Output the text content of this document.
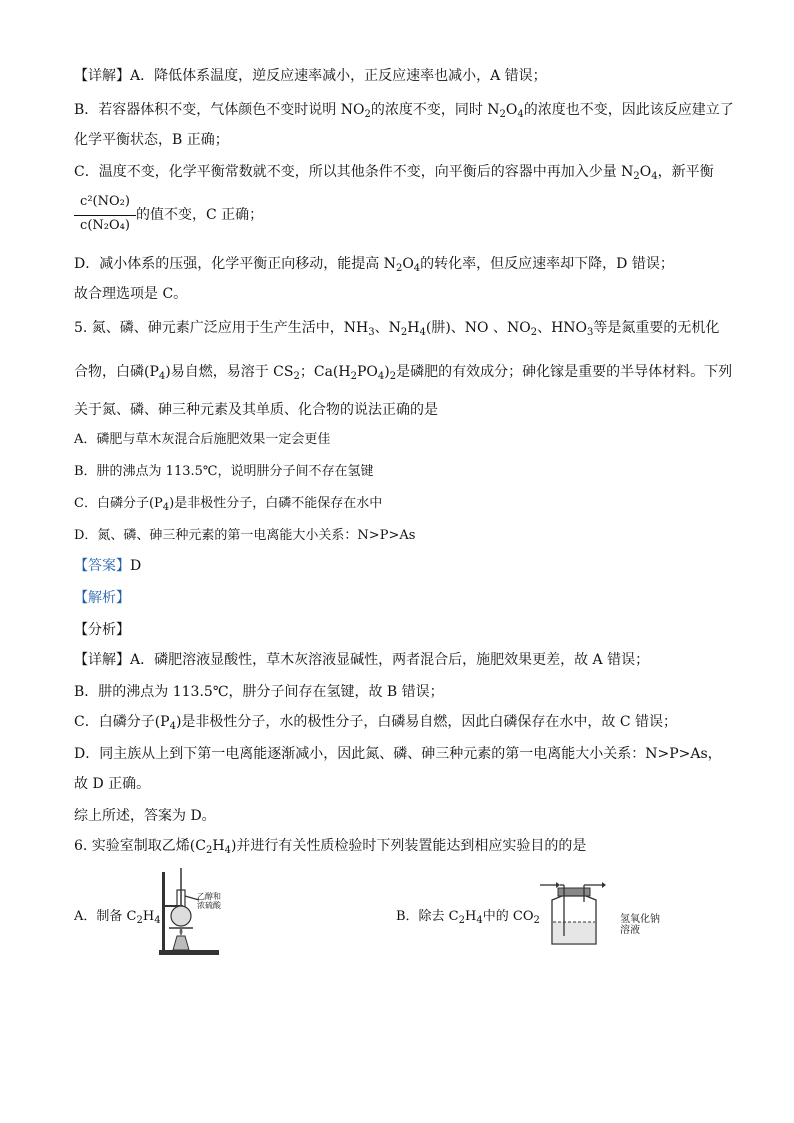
【详解】A．降低体系温度，逆反应速率减小，正反应速率也减小，A 错误；
B．若容器体积不变，气体颜色不变时说明 $NO_2$的浓度不变，同时 $N_2O_4$的浓度也不变，因此该反应建立了
化学平衡状态，B 正确；
C．温度不变，化学平衡常数就不变，所以其他条件不变，向平衡后的容器中再加入少量 $N_2O_4$，新平衡
c²(NO₂)
c(N₂O₄)
的值不变，C 正确；
D．减小体系的压强，化学平衡正向移动，能提高 $N_2O_4$的转化率，但反应速率却下降，D 错误；
故合理选项是 C。
5. 氮、磷、砷元素广泛应用于生产生活中，$NH_3$、$N_2H_4$(肼)、NO 、$NO_2$、$HNO_3$等是氮重要的无机化
合物，白磷$(P_4)$易自燃，易溶于 $CS_2$；$Ca(H_2PO_4)_2$是磷肥的有效成分；砷化镓是重要的半导体材料。下列
关于氮、磷、砷三种元素及其单质、化合物的说法正确的是
A．磷肥与草木灰混合后施肥效果一定会更佳
B．肼的沸点为 113.5℃，说明肼分子间不存在氢键
C．白磷分子$(P_4)$是非极性分子，白磷不能保存在水中
D．氮、磷、砷三种元素的第一电离能大小关系：N>P>As
【答案】D
【解析】
【分析】
【详解】A．磷肥溶液显酸性，草木灰溶液显碱性，两者混合后，施肥效果更差，故 A 错误；
B．肼的沸点为 113.5℃，肼分子间存在氢键，故 B 错误；
C．白磷分子$(P_4)$是非极性分子，水的极性分子，白磷易自燃，因此白磷保存在水中，故 C 错误；
D．同主族从上到下第一电离能逐渐减小，因此氮、磷、砷三种元素的第一电离能大小关系：N>P>As，
故 D 正确。
综上所述，答案为 D。
6. 实验室制取乙烯$(C_2H_4)$并进行有关性质检验时下列装置能达到相应实验目的的是
A．制备 $C_2H_4$
乙醇和
浓硫酸
B．除去 $C_2H_4$中的 $CO_2$	氢氧化钠
溶液
